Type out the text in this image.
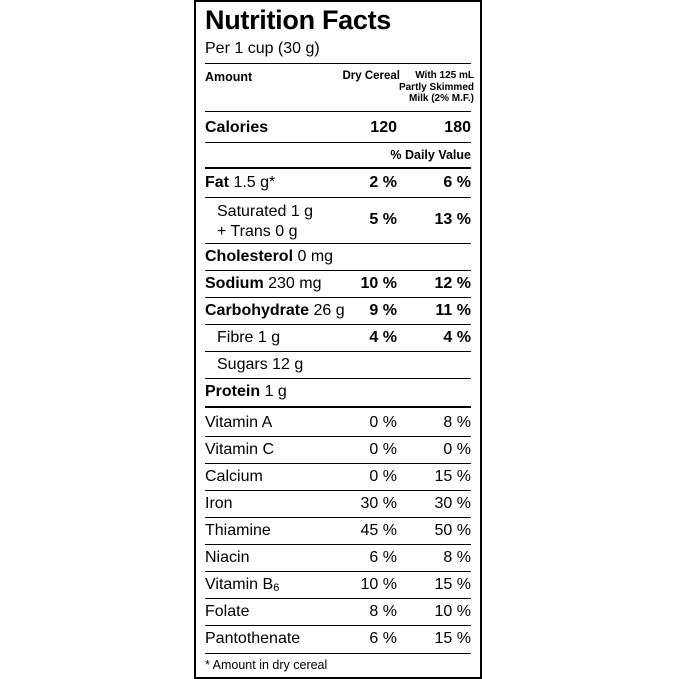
Nutrition Facts
Per 1 cup (30 g)
Amount	Dry Cereal	With 125 mL
Partly Skimmed
Milk (2% M.F.)
Calories	120	180
% Daily Value
Fat 1.5 g*	2 %	6 %
Saturated 1 g
+ Trans 0 g
5 % 13 %
Cholesterol 0 mg
Sodium 230 mg 10 % 12 %
Carbohydrate 26 g 9 % 11 %
Fibre 1 g	4 %	4 %
Sugars 12 g
Protein 1 g
Vitamin A	0 %	8 %
Vitamin C	0 %	0 %
Calcium	0 % 15 %
Iron	30 % 30 %
Thiamine	45 % 50 %
Niacin	6 %	8 %
Vitamin $B_6$	10 % 15 %
Folate	8 % 10 %
Pantothenate	6 % 15 %
* Amount in dry cereal
